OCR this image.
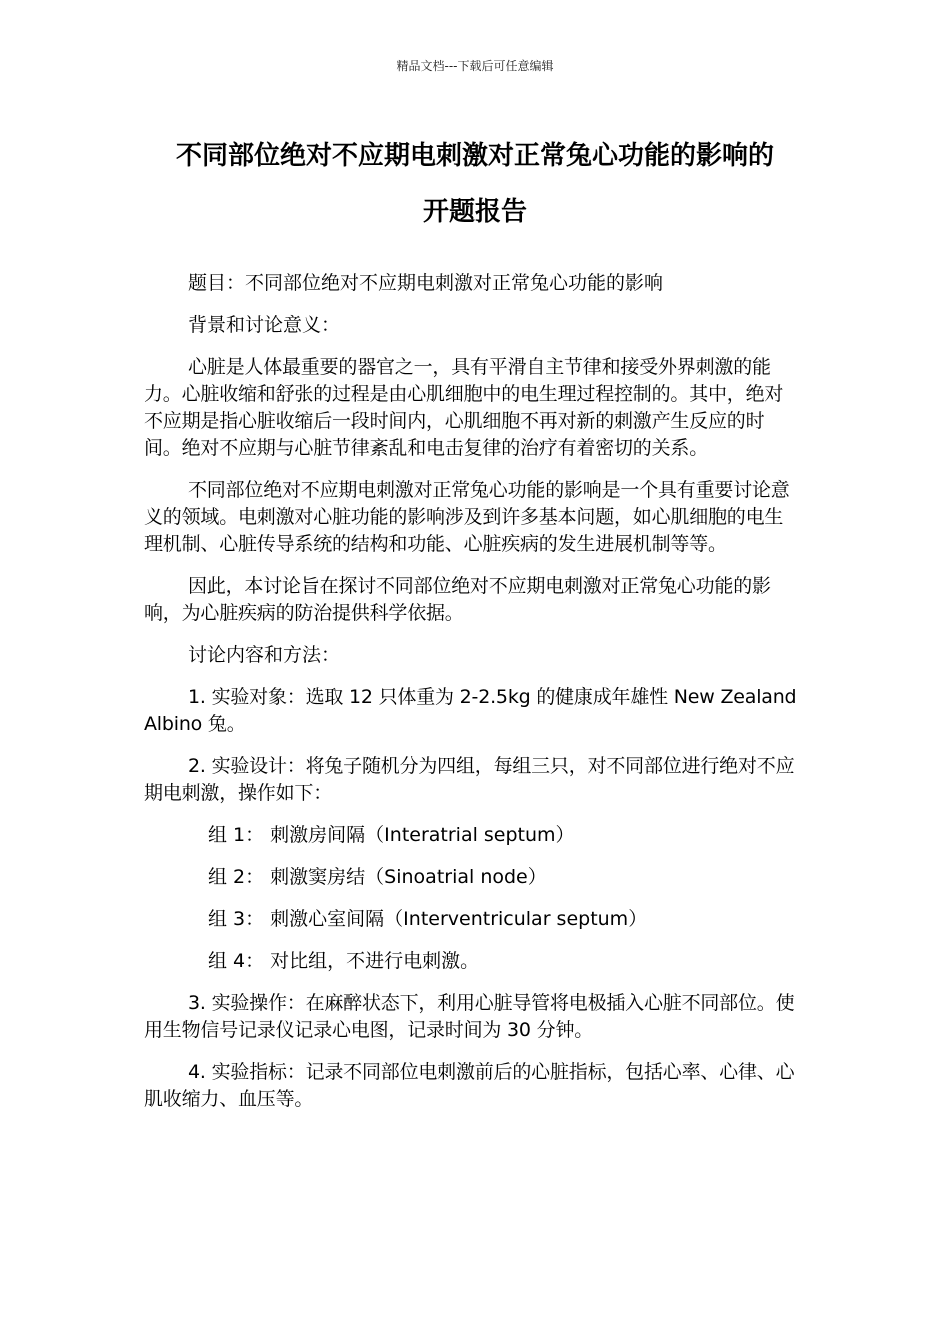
精品文档---下载后可任意编辑
不同部位绝对不应期电刺激对正常兔心功能的影响的
开题报告

题目：不同部位绝对不应期电刺激对正常兔心功能的影响

背景和讨论意义：

心脏是人体最重要的器官之一，具有平滑自主节律和接受外界刺激的能力。心脏收缩和舒张的过程是由心肌细胞中的电生理过程控制的。其中，绝对不应期是指心脏收缩后一段时间内，心肌细胞不再对新的刺激产生反应的时间。绝对不应期与心脏节律紊乱和电击复律的治疗有着密切的关系。

不同部位绝对不应期电刺激对正常兔心功能的影响是一个具有重要讨论意义的领域。电刺激对心脏功能的影响涉及到许多基本问题，如心肌细胞的电生理机制、心脏传导系统的结构和功能、心脏疾病的发生进展机制等等。

因此，本讨论旨在探讨不同部位绝对不应期电刺激对正常兔心功能的影响，为心脏疾病的防治提供科学依据。

讨论内容和方法：

1. 实验对象：选取 12 只体重为 2-2.5kg 的健康成年雄性 New Zealand Albino 兔。

2. 实验设计：将兔子随机分为四组，每组三只，对不同部位进行绝对不应期电刺激，操作如下：

组 1： 刺激房间隔（Interatrial septum）

组 2： 刺激窦房结（Sinoatrial node）

组 3： 刺激心室间隔（Interventricular septum）

组 4： 对比组，不进行电刺激。

3. 实验操作：在麻醉状态下，利用心脏导管将电极插入心脏不同部位。使用生物信号记录仪记录心电图，记录时间为 30 分钟。

4. 实验指标：记录不同部位电刺激前后的心脏指标，包括心率、心律、心肌收缩力、血压等。
